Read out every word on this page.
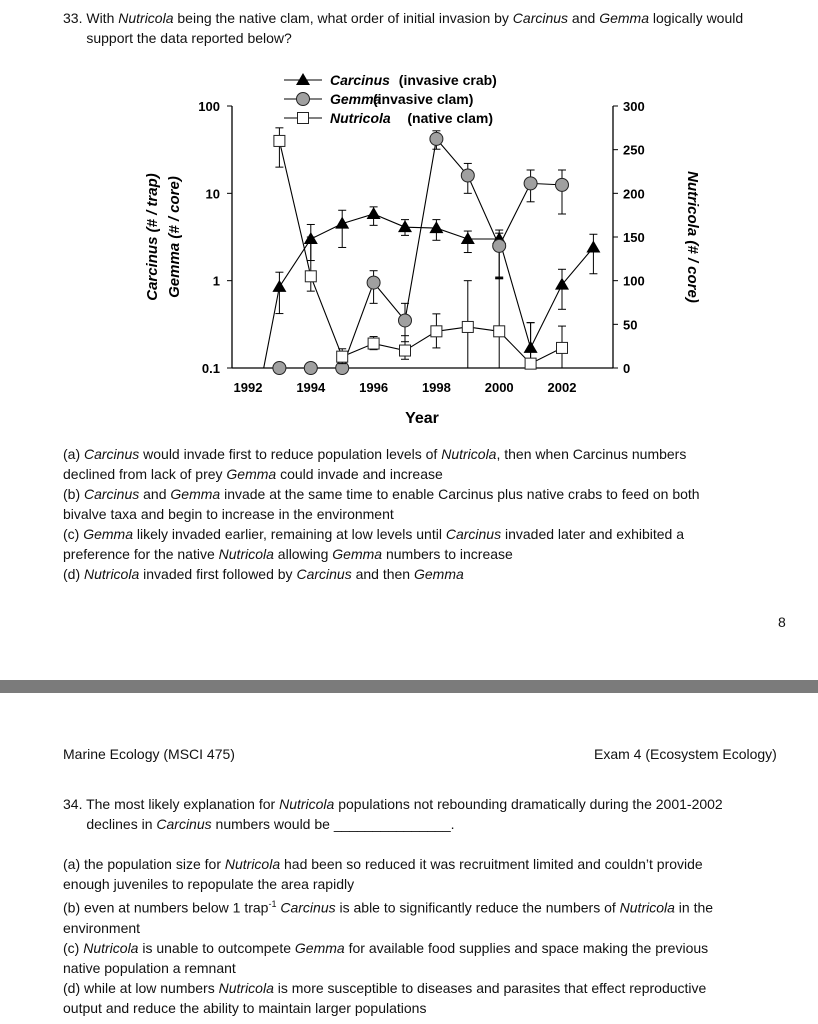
33. With Nutricola being the native clam, what order of initial invasion by Carcinus and Gemma logically would
support the data reported below?
0.1
1
10
100
0
50
100
150
200
250
300
1992	1994	1996	1998	2000	2002
Year
Carcinus (# / trap) Gemma (# / core)	Nutricola (# / core)
Carcinus (invasive crab)
Gemma
(invasive clam)
Nutricola (native clam)
(a) Carcinus would invade first to reduce population levels of Nutricola, then when Carcinus numbers
declined from lack of prey Gemma could invade and increase
(b) Carcinus and Gemma invade at the same time to enable Carcinus plus native crabs to feed on both
bivalve taxa and begin to increase in the environment
(c) Gemma likely invaded earlier, remaining at low levels until Carcinus invaded later and exhibited a
preference for the native Nutricola allowing Gemma numbers to increase
(d) Nutricola invaded first followed by Carcinus and then Gemma
8
Marine Ecology (MSCI 475)	Exam 4 (Ecosystem Ecology)
34. The most likely explanation for Nutricola populations not rebounding dramatically during the 2001-2002
declines in Carcinus numbers would be _______________.
(a) the population size for Nutricola had been so reduced it was recruitment limited and couldn’t provide
enough juveniles to repopulate the area rapidly
(b) even at numbers below 1 trap$^{-1}$ Carcinus is able to significantly reduce the numbers of Nutricola in the
environment
(c) Nutricola is unable to outcompete Gemma for available food supplies and space making the previous
native population a remnant
(d) while at low numbers Nutricola is more susceptible to diseases and parasites that effect reproductive
output and reduce the ability to maintain larger populations
